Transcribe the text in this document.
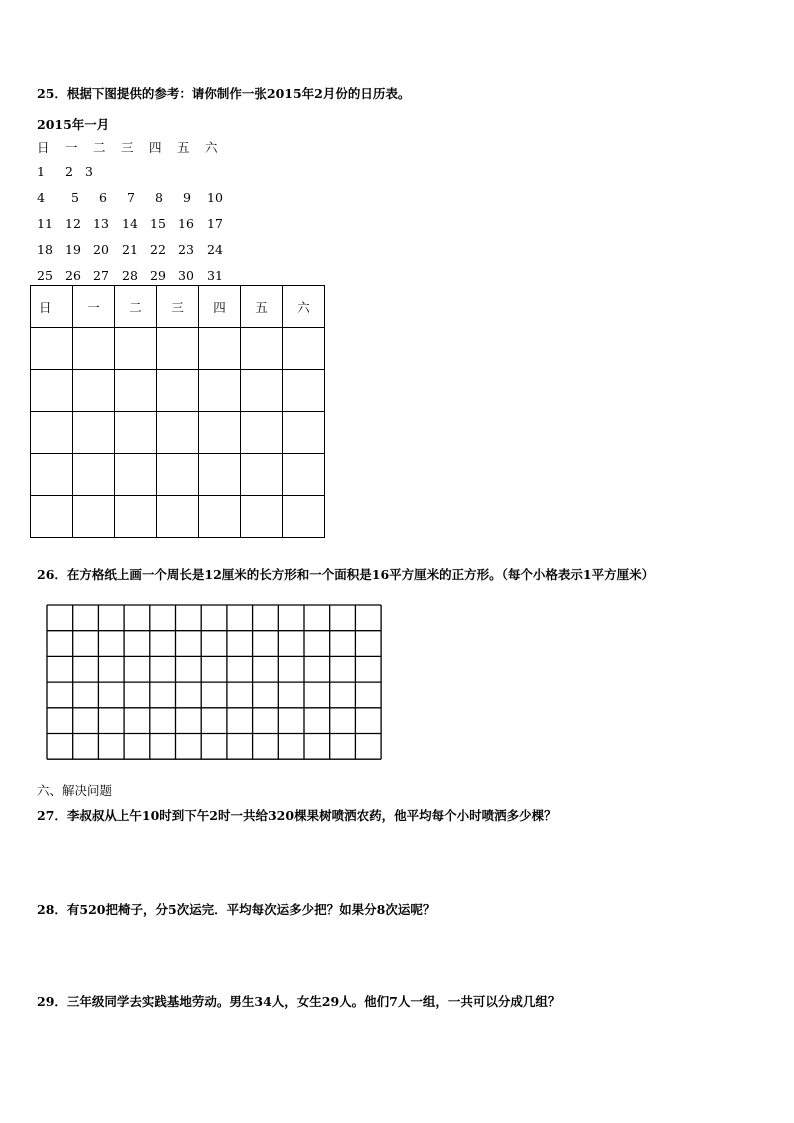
25．根据下图提供的参考：请你制作一张2015年2月份的日历表。
2015年一月
日	一	二	三	四	五	六
1	2 3
4	5	6	7	8	9	10
11 12 13	14 15 16	17
18 19 20	21 22 23	24
25 26 27	28 29 30	31
日	一	二	三	四	五	六

26．在方格纸上画一个周长是12厘米的长方形和一个面积是16平方厘米的正方形。（每个小格表示1平方厘米）
六、解决问题
27．李叔叔从上午10时到下午2时一共给320棵果树喷洒农药，他平均每个小时喷洒多少棵？
28．有520把椅子，分5次运完．平均每次运多少把？如果分8次运呢？
29．三年级同学去实践基地劳动。男生34人，女生29人。他们7人一组，一共可以分成几组？
